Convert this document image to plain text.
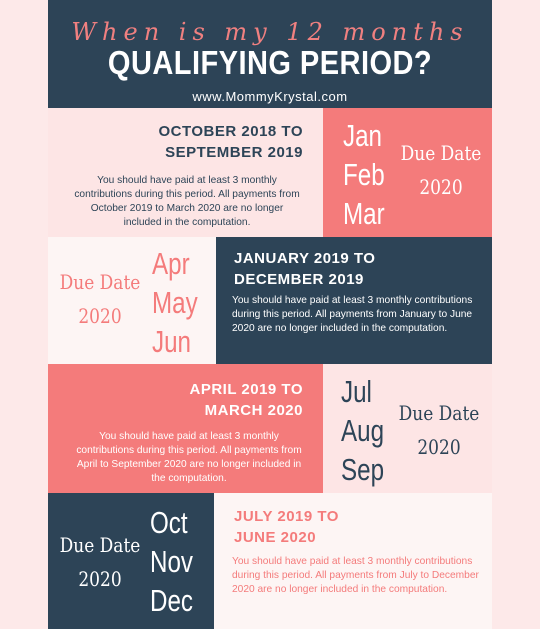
When is my 12 months
QUALIFYING PERIOD?
www.MommyKrystal.com
OCTOBER 2018 TO
SEPTEMBER 2019
You should have paid at least 3 monthly contributions during this period. All payments from October 2019 to March 2020 are no longer included in the computation.
Jan
Feb
Mar
Due Date
2020
Due Date
2020
Apr
May
Jun
JANUARY 2019 TO
DECEMBER 2019
You should have paid at least 3 monthly contributions during this period. All payments from January to June 2020 are no longer included in the computation.
APRIL 2019 TO
MARCH 2020
You should have paid at least 3 monthly contributions during this period. All payments from April to September 2020 are no longer included in the computation.
Jul
Aug
Sep
Due Date
2020
Due Date
2020
Oct
Nov
Dec
JULY 2019 TO
JUNE 2020
You should have paid at least 3 monthly contributions during this period. All payments from July to December 2020 are no longer included in the computation.
